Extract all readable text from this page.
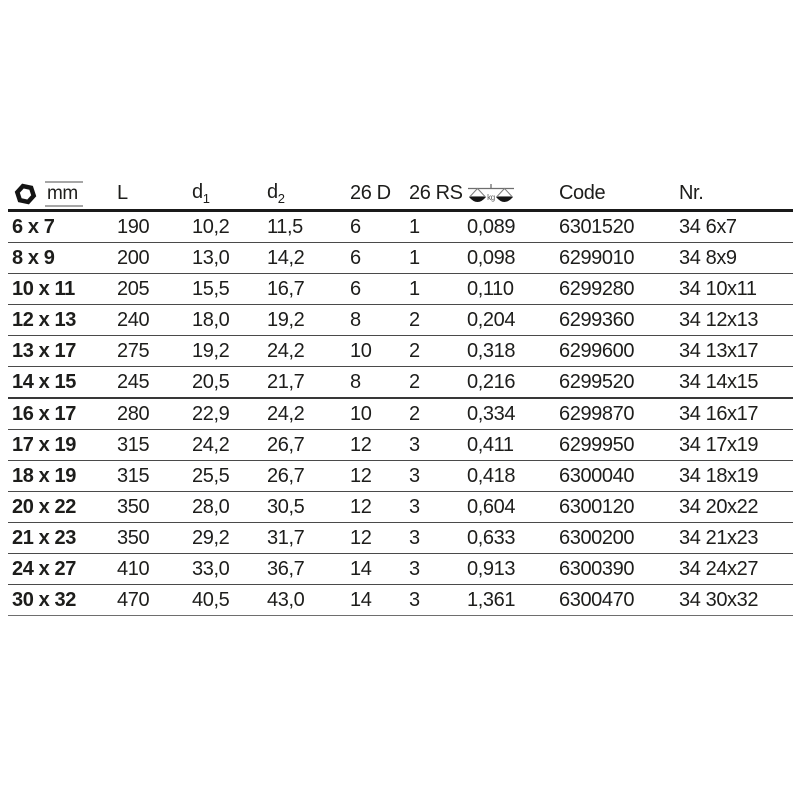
mm	L	$d_1$	$d_2$	26 D	26 RS	kg	Code	Nr.
6 x 7	190	10,2	11,5	6	1	0,089	6301520	34 6x7
8 x 9	200	13,0	14,2	6	1	0,098	6299010	34 8x9
10 x 11	205	15,5	16,7	6	1	0,110	6299280	34 10x11
12 x 13	240	18,0	19,2	8	2	0,204	6299360	34 12x13
13 x 17	275	19,2	24,2	10	2	0,318	6299600	34 13x17
14 x 15	245	20,5	21,7	8	2	0,216	6299520	34 14x15
16 x 17	280	22,9	24,2	10	2	0,334	6299870	34 16x17
17 x 19	315	24,2	26,7	12	3	0,411	6299950	34 17x19
18 x 19	315	25,5	26,7	12	3	0,418	6300040	34 18x19
20 x 22	350	28,0	30,5	12	3	0,604	6300120	34 20x22
21 x 23	350	29,2	31,7	12	3	0,633	6300200	34 21x23
24 x 27	410	33,0	36,7	14	3	0,913	6300390	34 24x27
30 x 32	470	40,5	43,0	14	3	1,361	6300470	34 30x32
